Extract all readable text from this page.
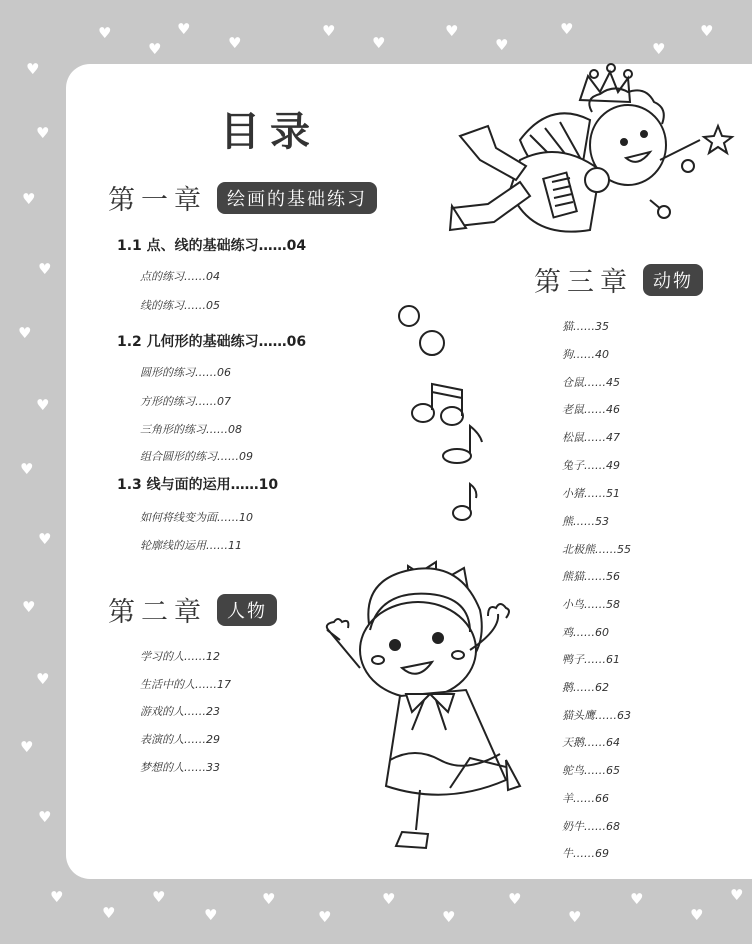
♥
♥
♥
♥
♥
♥
♥
♥
♥
♥
♥
♥
♥
♥
♥
♥
♥
♥
♥
♥
♥
♥
♥
♥
♥
♥
♥
♥
♥
♥
♥
♥
♥
♥
♥
♥
目录
第一章	绘画的基础练习
1.1 点、线的基础练习……04
点的练习……04
线的练习……05
1.2 几何形的基础练习……06
圆形的练习……06
方形的练习……07
三角形的练习……08
组合圆形的练习……09
1.3 线与面的运用……10
如何将线变为面……10
轮廓线的运用……11
第二章	人物
学习的人……12
生活中的人……17
游戏的人……23
表演的人……29
梦想的人……33
第三章	动物
猫……35
狗……40
仓鼠……45
老鼠……46
松鼠……47
兔子……49
小猪……51
熊……53
北极熊……55
熊猫……56
小鸟……58
鸡……60
鸭子……61
鹅……62
猫头鹰……63
天鹅……64
鸵鸟……65
羊……66
奶牛……68
牛……69
